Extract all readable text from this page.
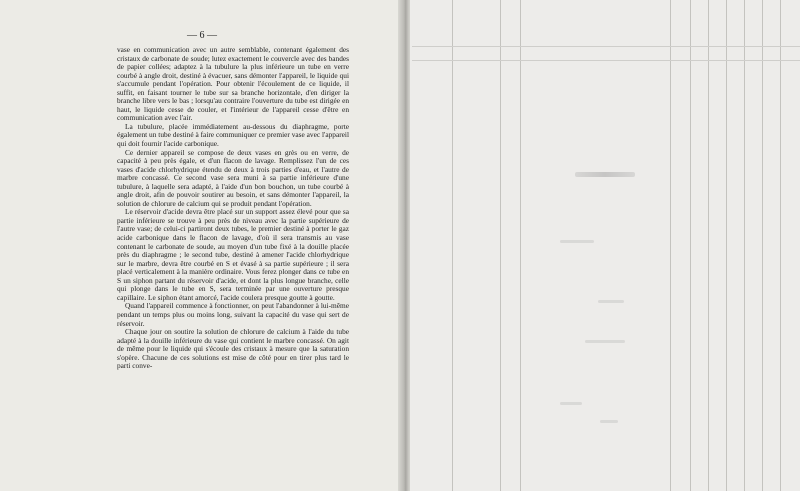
— 6 —

vase en communication avec un autre semblable, contenant également des cristaux de carbonate de soude; lutez exactement le couvercle avec des bandes de papier collées; adaptez à la tubulure la plus inférieure un tube en verre courbé à angle droit, destiné à évacuer, sans démonter l'appareil, le liquide qui s'accumule pendant l'opération. Pour obtenir l'écoulement de ce liquide, il suffit, en faisant tourner le tube sur sa branche horizontale, d'en diriger la branche libre vers le bas ; lorsqu'au contraire l'ouverture du tube est dirigée en haut, le liquide cesse de couler, et l'intérieur de l'appareil cesse d'être en communication avec l'air.

La tubulure, placée immédiatement au-dessous du diaphragme, porte également un tube destiné à faire communiquer ce premier vase avec l'appareil qui doit fournir l'acide carbonique.

Ce dernier appareil se compose de deux vases en grès ou en verre, de capacité à peu près égale, et d'un flacon de lavage. Remplissez l'un de ces vases d'acide chlorhydrique étendu de deux à trois parties d'eau, et l'autre de marbre concassé. Ce second vase sera muni à sa partie inférieure d'une tubulure, à laquelle sera adapté, à l'aide d'un bon bouchon, un tube courbé à angle droit, afin de pouvoir soutirer au besoin, et sans démonter l'appareil, la solution de chlorure de calcium qui se produit pendant l'opération.

Le réservoir d'acide devra être placé sur un support assez élevé pour que sa partie inférieure se trouve à peu près de niveau avec la partie supérieure de l'autre vase; de celui-ci partiront deux tubes, le premier destiné à porter le gaz acide carbonique dans le flacon de lavage, d'où il sera transmis au vase contenant le carbonate de soude, au moyen d'un tube fixé à la douille placée près du diaphragme ; le second tube, destiné à amener l'acide chlorhydrique sur le marbre, devra être courbé en S et évasé à sa partie supérieure ; il sera placé verticalement à la manière ordinaire. Vous ferez plonger dans ce tube en S un siphon partant du réservoir d'acide, et dont la plus longue branche, celle qui plonge dans le tube en S, sera terminée par une ouverture presque capillaire. Le siphon étant amorcé, l'acide coulera presque goutte à goutte.

Quand l'appareil commence à fonctionner, on peut l'abandonner à lui-même pendant un temps plus ou moins long, suivant la capacité du vase qui sert de réservoir.

Chaque jour on soutire la solution de chlorure de calcium à l'aide du tube adapté à la douille inférieure du vase qui contient le marbre concassé. On agit de même pour le liquide qui s'écoule des cristaux à mesure que la saturation s'opère. Chacune de ces solutions est mise de côté pour en tirer plus tard le parti conve-
